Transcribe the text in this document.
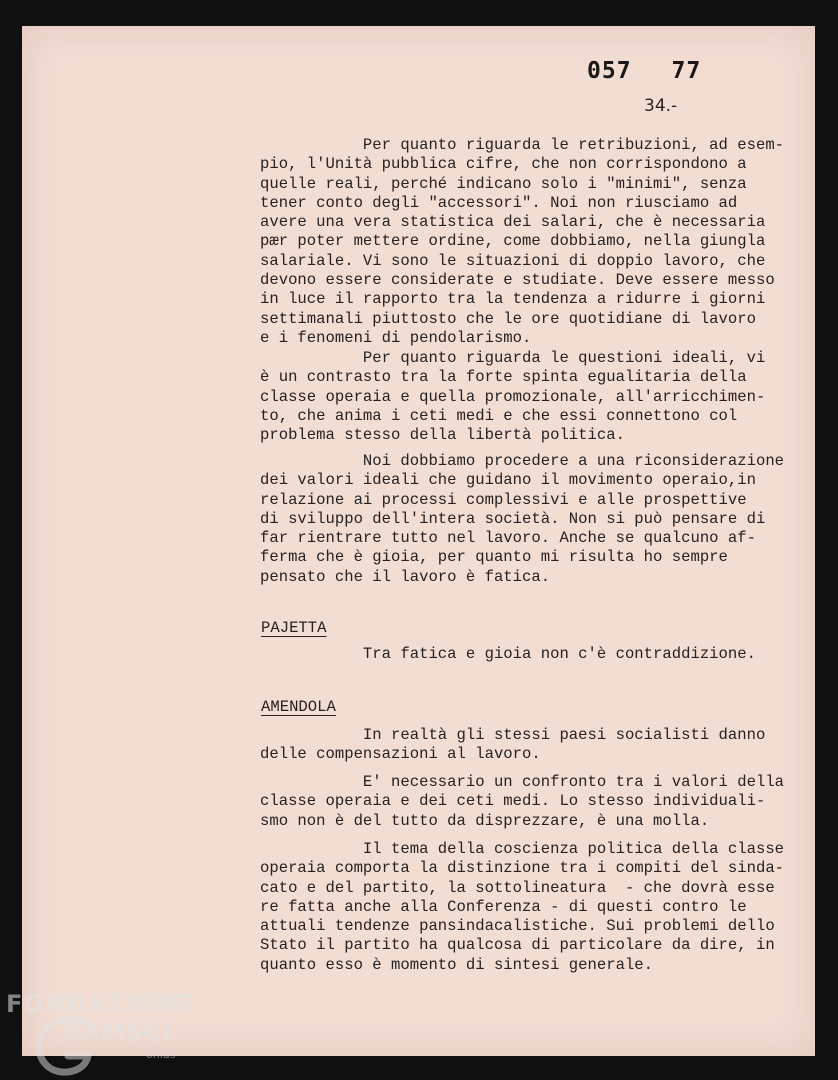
057 77
34.-

Per quanto riguarda le retribuzioni, ad esem-
pio, l'Unità pubblica cifre, che non corrispondono a
quelle reali, perché indicano solo i "minimi", senza
tener conto degli "accessori". Noi non riusciamo ad
avere una vera statistica dei salari, che è necessaria
pær poter mettere ordine, come dobbiamo, nella giungla
salariale. Vi sono le situazioni di doppio lavoro, che
devono essere considerate e studiate. Deve essere messo
in luce il rapporto tra la tendenza a ridurre i giorni
settimanali piuttosto che le ore quotidiane di lavoro
e i fenomeni di pendolarismo.

Per quanto riguarda le questioni ideali, vi
è un contrasto tra la forte spinta egualitaria della
classe operaia e quella promozionale, all'arricchimen-
to, che anima i ceti medi e che essi connettono col
problema stesso della libertà politica.

Noi dobbiamo procedere a una riconsiderazione
dei valori ideali che guidano il movimento operaio,in
relazione ai processi complessivi e alle prospettive
di sviluppo dell'intera società. Non si può pensare di
far rientrare tutto nel lavoro. Anche se qualcuno af-
ferma che è gioia, per quanto mi risulta ho sempre
pensato che il lavoro è fatica.

PAJETTA

Tra fatica e gioia non c'è contraddizione.

AMENDOLA

In realtà gli stessi paesi socialisti danno
delle compensazioni al lavoro.

E' necessario un confronto tra i valori della
classe operaia e dei ceti medi. Lo stesso individuali-
smo non è del tutto da disprezzare, è una molla.

Il tema della coscienza politica della classe
operaia comporta la distinzione tra i compiti del sinda-
cato e del partito, la sottolineatura  - che dovrà esse
re fatta anche alla Conferenza - di questi contro le
attuali tendenze pansindacalistiche. Sui problemi dello
Stato il partito ha qualcosa di particolare da dire, in
quanto esso è momento di sintesi generale.

FONDAZIONE
RAMSCI
onlus
